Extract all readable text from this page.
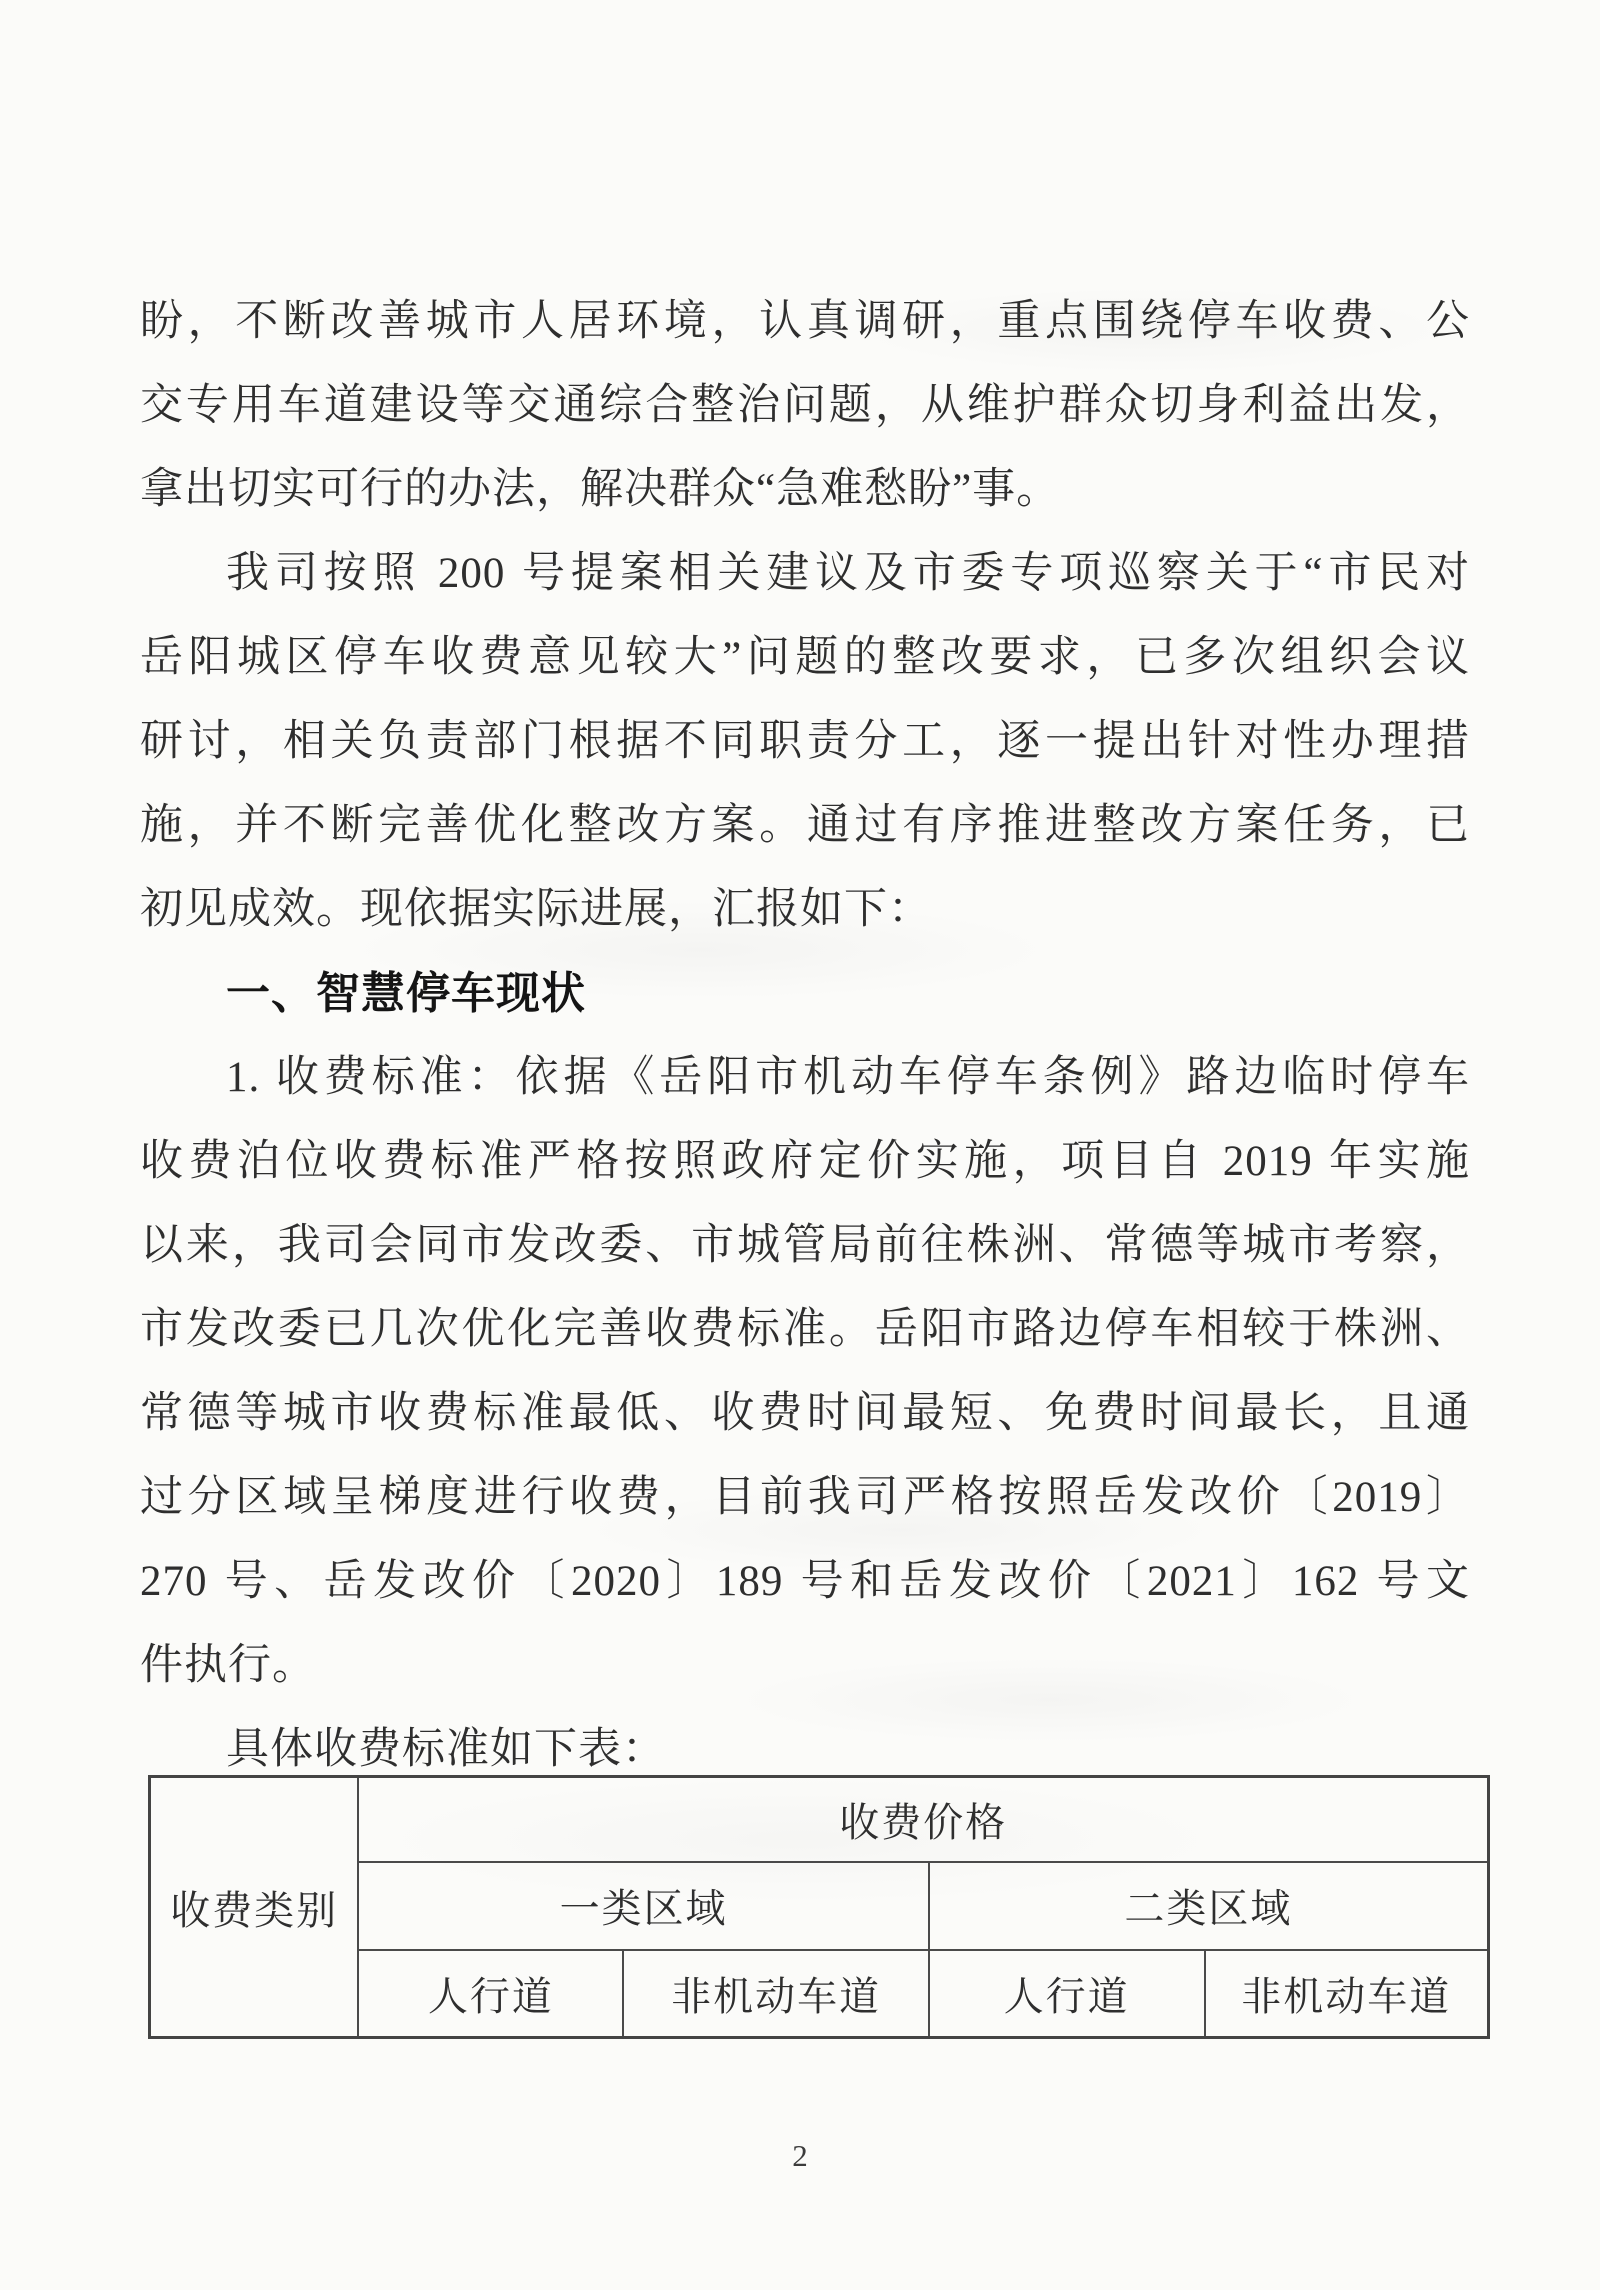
盼，不断改善城市人居环境，认真调研，重点围绕停车收费、公
交专用车道建设等交通综合整治问题，从维护群众切身利益出发，
拿出切实可行的办法，解决群众“急难愁盼”事。
我司按照 200 号提案相关建议及市委专项巡察关于“市民对
岳阳城区停车收费意见较大”问题的整改要求，已多次组织会议
研讨，相关负责部门根据不同职责分工，逐一提出针对性办理措
施，并不断完善优化整改方案。通过有序推进整改方案任务，已
初见成效。现依据实际进展，汇报如下：
一、智慧停车现状
1. 收费标准：依据《岳阳市机动车停车条例》路边临时停车
收费泊位收费标准严格按照政府定价实施，项目自 2019 年实施
以来，我司会同市发改委、市城管局前往株洲、常德等城市考察，
市发改委已几次优化完善收费标准。岳阳市路边停车相较于株洲、
常德等城市收费标准最低、收费时间最短、免费时间最长，且通
过分区域呈梯度进行收费，目前我司严格按照岳发改价〔2019〕
270 号、岳发改价〔2020〕189 号和岳发改价〔2021〕162 号文
件执行。
具体收费标准如下表：
收费类别	收费价格			
	一类区域		二类区域	
	人行道	非机动车道	人行道	非机动车道
2
